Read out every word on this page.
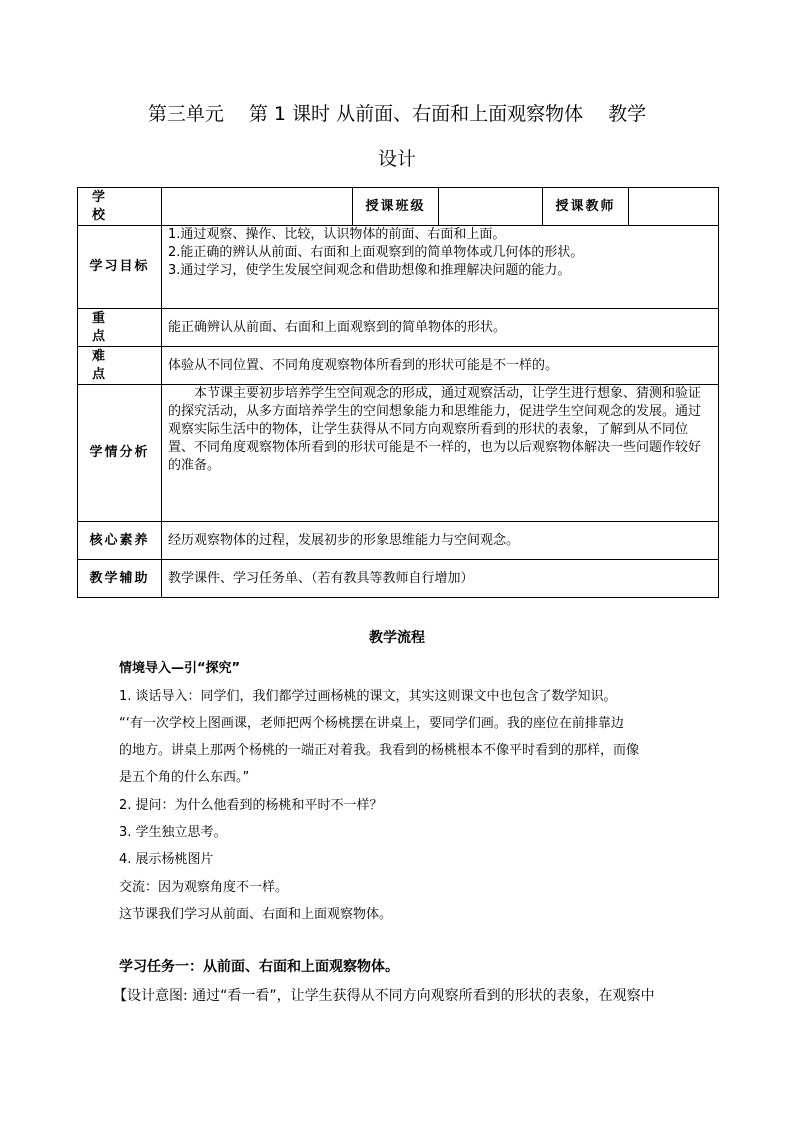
第三单元　 第 1 课时 从前面、右面和上面观察物体　 教学
设计
学　　校		授课班级		授课教师	
学习目标	1.通过观察、操作、比较，认识物体的前面、右面和上面。
2.能正确的辨认从前面、右面和上面观察到的简单物体或几何体的形状。
3.通过学习，使学生发展空间观念和借助想像和推理解决问题的能力。				

重　　点	能正确辨认从前面、右面和上面观察到的简单物体的形状。				
难　　点	体验从不同位置、不同角度观察物体所看到的形状可能是不一样的。				
学情分析	本节课主要初步培养学生空间观念的形成，通过观察活动，让学生进行想象、猜测和验证的探究活动，从多方面培养学生的空间想象能力和思维能力，促进学生空间观念的发展。通过观察实际生活中的物体，让学生获得从不同方向观察所看到的形状的表象，了解到从不同位置、不同角度观察物体所看到的形状可能是不一样的，也为以后观察物体解决一些问题作较好的准备。				
核心素养	经历观察物体的过程，发展初步的形象思维能力与空间观念。				
教学辅助	教学课件、学习任务单、（若有教具等教师自行增加）				
教学流程
情境导入—引“探究”
1. 谈话导入：同学们，我们都学过画杨桃的课文，其实这则课文中也包含了数学知识。
“‘有一次学校上图画课，老师把两个杨桃摆在讲桌上，要同学们画。我的座位在前排靠边
的地方。讲桌上那两个杨桃的一端正对着我。我看到的杨桃根本不像平时看到的那样，而像
是五个角的什么东西。”
2. 提问：为什么他看到的杨桃和平时不一样？
3. 学生独立思考。
4. 展示杨桃图片
交流：因为观察角度不一样。
这节课我们学习从前面、右面和上面观察物体。
学习任务一：从前面、右面和上面观察物体。
【设计意图: 通过“看一看”，让学生获得从不同方向观察所看到的形状的表象，在观察中
